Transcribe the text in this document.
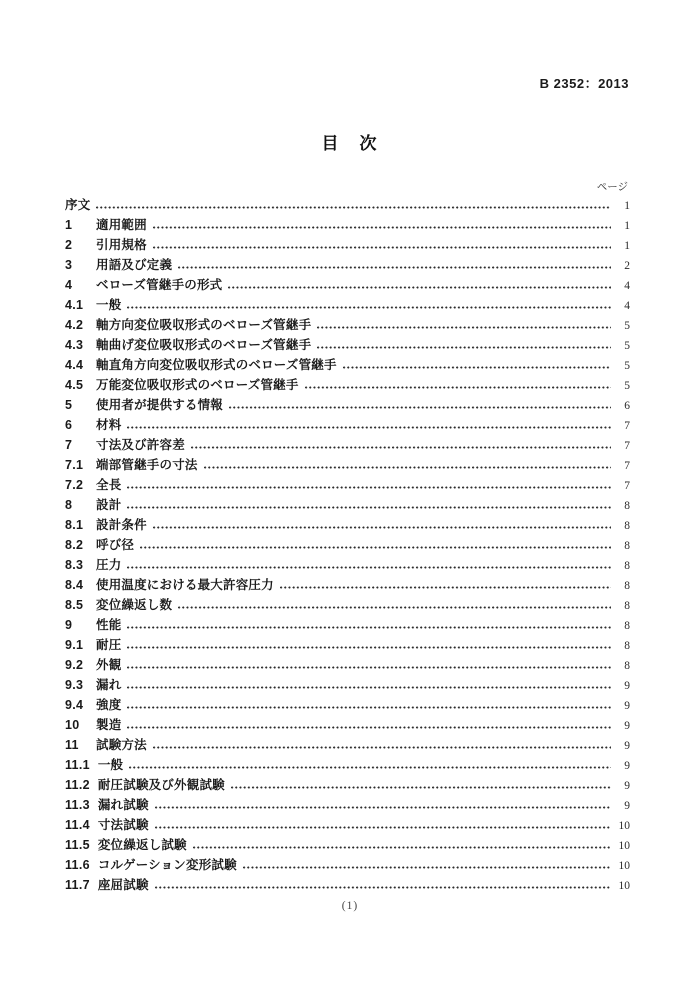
B 2352：2013
目　次
ページ
序文	1
1	適用範囲	1
2	引用規格	1
3	用語及び定義	2
4	ベローズ管継手の形式	4
4.1	一般	4
4.2	軸方向変位吸収形式のベローズ管継手	5
4.3	軸曲げ変位吸収形式のベローズ管継手	5
4.4	軸直角方向変位吸収形式のベローズ管継手	5
4.5	万能変位吸収形式のベローズ管継手	5
5	使用者が提供する情報	6
6	材料	7
7	寸法及び許容差	7
7.1	端部管継手の寸法	7
7.2	全長	7
8	設計	8
8.1	設計条件	8
8.2	呼び径	8
8.3	圧力	8
8.4	使用温度における最大許容圧力	8
8.5	変位繰返し数	8
9	性能	8
9.1	耐圧	8
9.2	外観	8
9.3	漏れ	9
9.4	強度	9
10	製造	9
11	試験方法	9
11.1 一般	9
11.2 耐圧試験及び外観試験	9
11.3 漏れ試験	9
11.4 寸法試験	10
11.5 変位繰返し試験	10
11.6 コルゲーション変形試験	10
11.7 座屈試験	10
(1)
